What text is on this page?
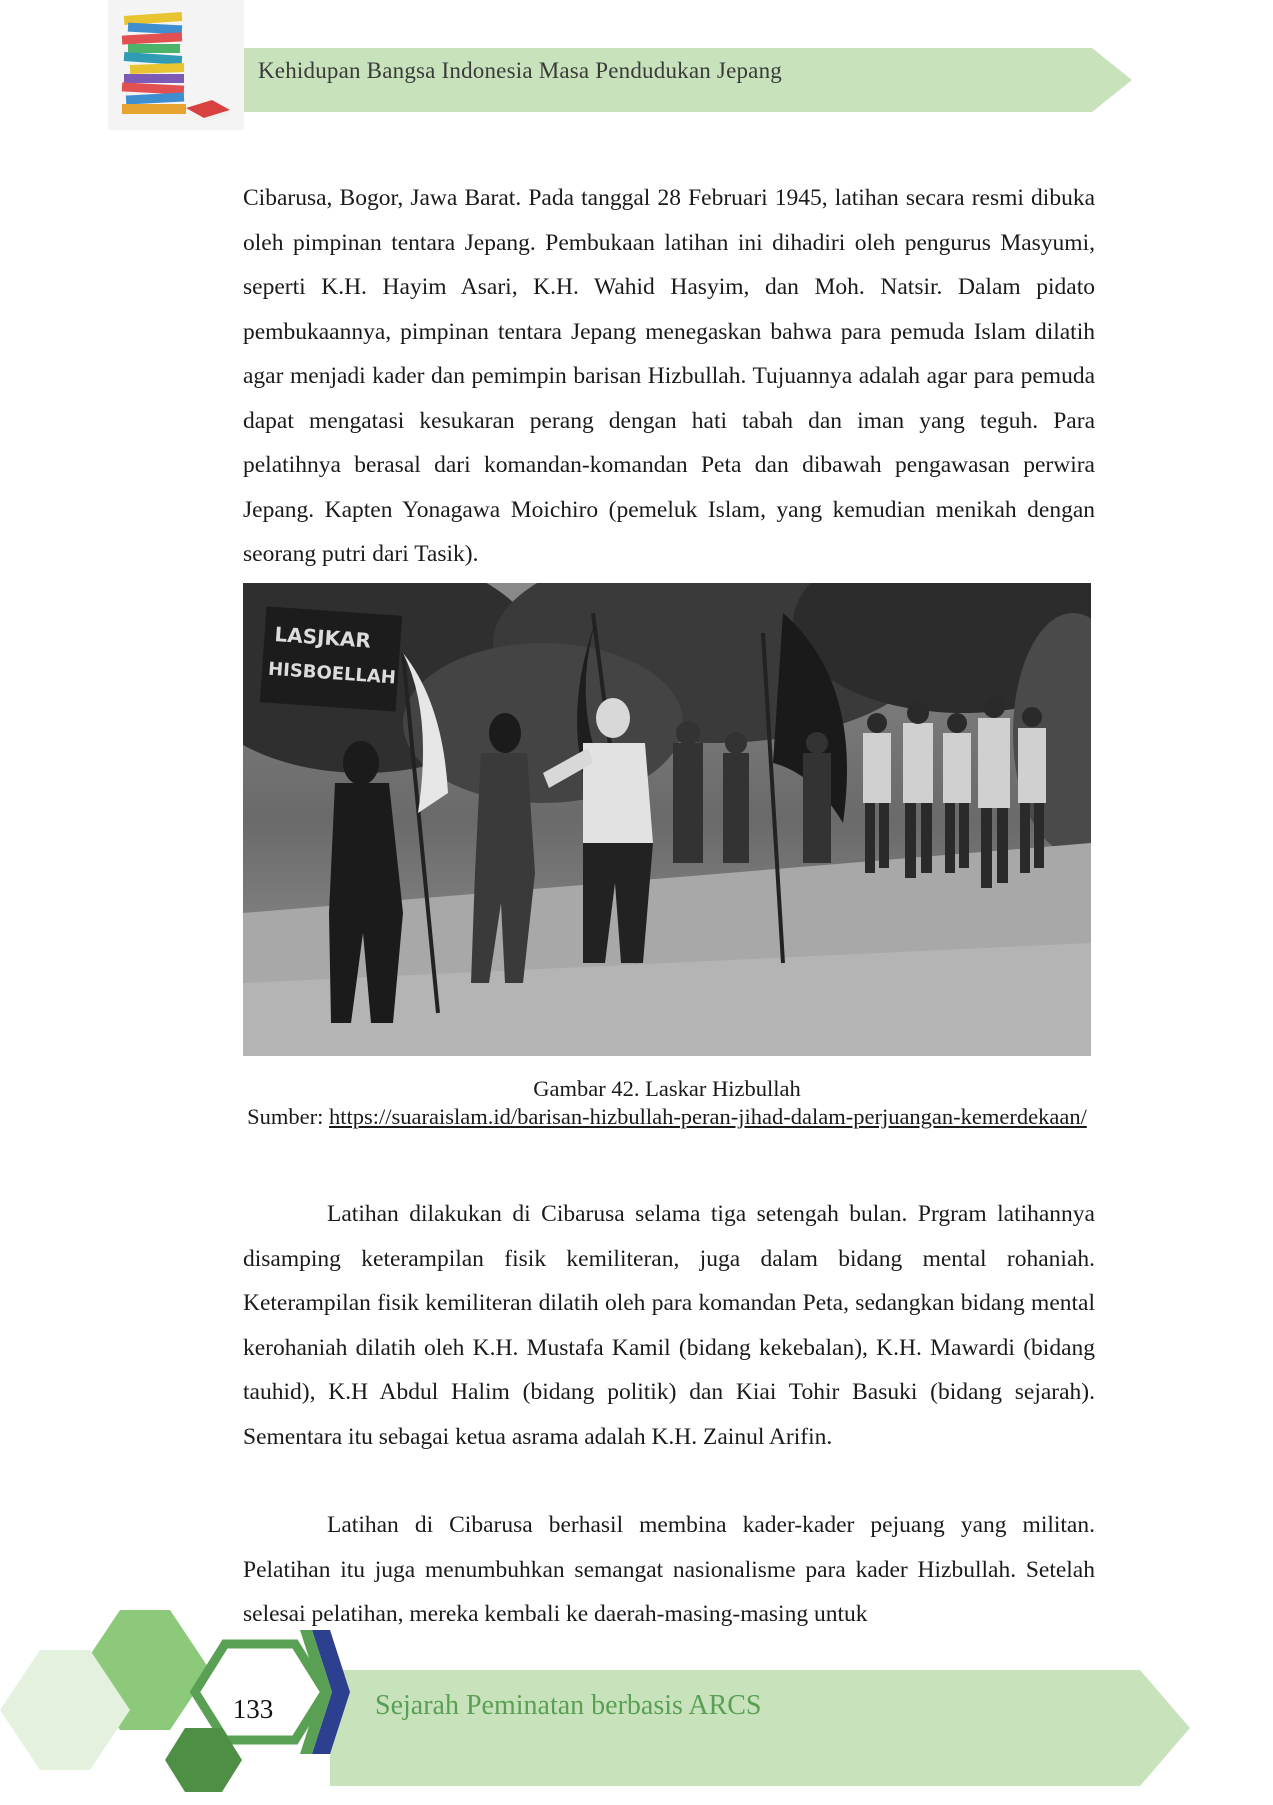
Kehidupan Bangsa Indonesia Masa Pendudukan Jepang

Cibarusa, Bogor, Jawa Barat. Pada tanggal 28 Februari 1945, latihan secara resmi dibuka oleh pimpinan tentara Jepang. Pembukaan latihan ini dihadiri oleh pengurus Masyumi, seperti K.H. Hayim Asari, K.H. Wahid Hasyim, dan Moh. Natsir. Dalam pidato pembukaannya, pimpinan tentara Jepang menegaskan bahwa para pemuda Islam dilatih agar menjadi kader dan pemimpin barisan Hizbullah. Tujuannya adalah agar para pemuda dapat mengatasi kesukaran perang dengan hati tabah dan iman yang teguh. Para pelatihnya berasal dari komandan-komandan Peta dan dibawah pengawasan perwira Jepang. Kapten Yonagawa Moichiro (pemeluk Islam, yang kemudian menikah dengan seorang putri dari Tasik).

LASJKAR
HISBOELLAH
Gambar 42. Laskar Hizbullah
Sumber: https://suaraislam.id/barisan-hizbullah-peran-jihad-dalam-perjuangan-kemerdekaan/

Latihan dilakukan di Cibarusa selama tiga setengah bulan. Prgram latihannya disamping keterampilan fisik kemiliteran, juga dalam bidang mental rohaniah. Keterampilan fisik kemiliteran dilatih oleh para komandan Peta, sedangkan bidang mental kerohaniah dilatih oleh K.H. Mustafa Kamil (bidang kekebalan), K.H. Mawardi (bidang tauhid), K.H Abdul Halim (bidang politik) dan Kiai Tohir Basuki (bidang sejarah). Sementara itu sebagai ketua asrama adalah K.H. Zainul Arifin.

Latihan di Cibarusa berhasil membina kader-kader pejuang yang militan. Pelatihan itu juga menumbuhkan semangat nasionalisme para kader Hizbullah. Setelah selesai pelatihan, mereka kembali ke daerah-masing-masing untuk

133	Sejarah Peminatan berbasis ARCS
